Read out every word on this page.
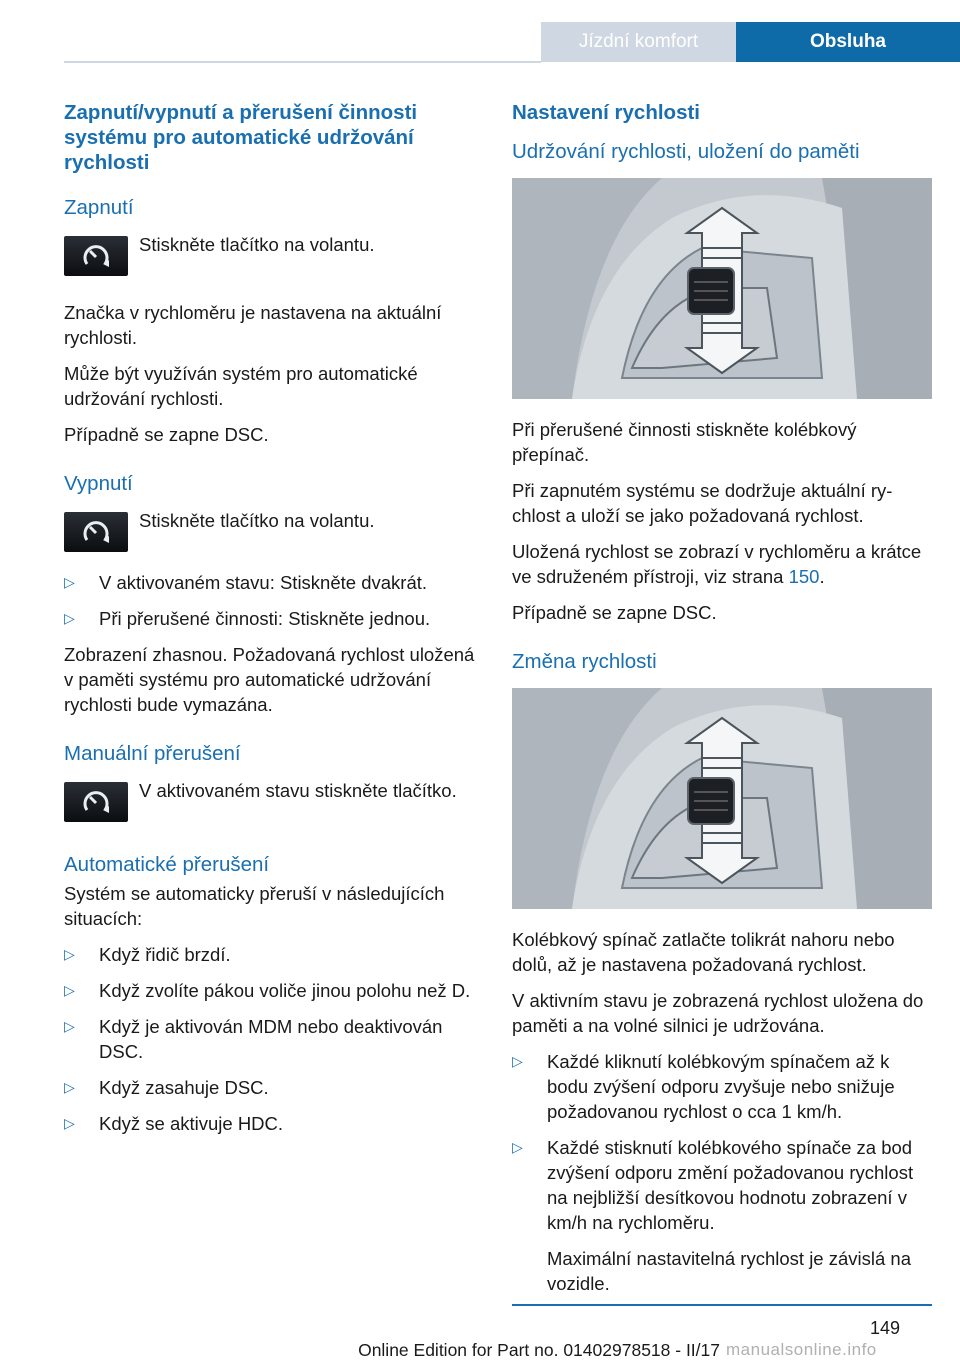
Jízdní komfort	Obsluha
Zapnutí/vypnutí a přerušení činnosti systému pro automatické udržování rychlosti
Zapnutí

Stiskněte tlačítko na volantu.

Značka v rychloměru je nastavena na aktuální rychlosti.

Může být využíván systém pro automatické udržování rychlosti.

Případně se zapne DSC.

Vypnutí

Stiskněte tlačítko na volantu.

▷ V aktivovaném stavu: Stiskněte dvakrát.
▷ Při přerušené činnosti: Stiskněte jednou.

Zobrazení zhasnou. Požadovaná rychlost uložená v paměti systému pro automatické udržování rychlosti bude vymazána.

Manuální přerušení

V aktivovaném stavu stiskněte tlačítko.

Automatické přerušení

Systém se automaticky přeruší v následujících situacích:

▷ Když řidič brzdí.
▷ Když zvolíte pákou voliče jinou polohu než D.
▷ Když je aktivován MDM nebo deaktivován DSC.
▷ Když zasahuje DSC.
▷ Když se aktivuje HDC.
Nastavení rychlosti
Udržování rychlosti, uložení do paměti

Při přerušené činnosti stiskněte kolébkový přepínač.

Při zapnutém systému se dodržuje aktuální rychlost a uloží se jako požadovaná rychlost.

Uložená rychlost se zobrazí v rychloměru a krátce ve sdruženém přístroji, viz strana 150.

Případně se zapne DSC.

Změna rychlosti

Kolébkový spínač zatlačte tolikrát nahoru nebo dolů, až je nastavena požadovaná rychlost.

V aktivním stavu je zobrazená rychlost uložena do paměti a na volné silnici je udržována.

▷ Každé kliknutí kolébkovým spínačem až k bodu zvýšení odporu zvyšuje nebo snižuje požadovanou rychlost o cca 1 km/h.
▷ Každé stisknutí kolébkového spínače za bod zvýšení odporu změní požadovanou rychlost na nejbližší desítkovou hodnotu zobrazení v km/h na rychloměru.
Maximální nastavitelná rychlost je závislá na vozidle.
149
Online Edition for Part no. 01402978518 - II/17 manualsonline.info
